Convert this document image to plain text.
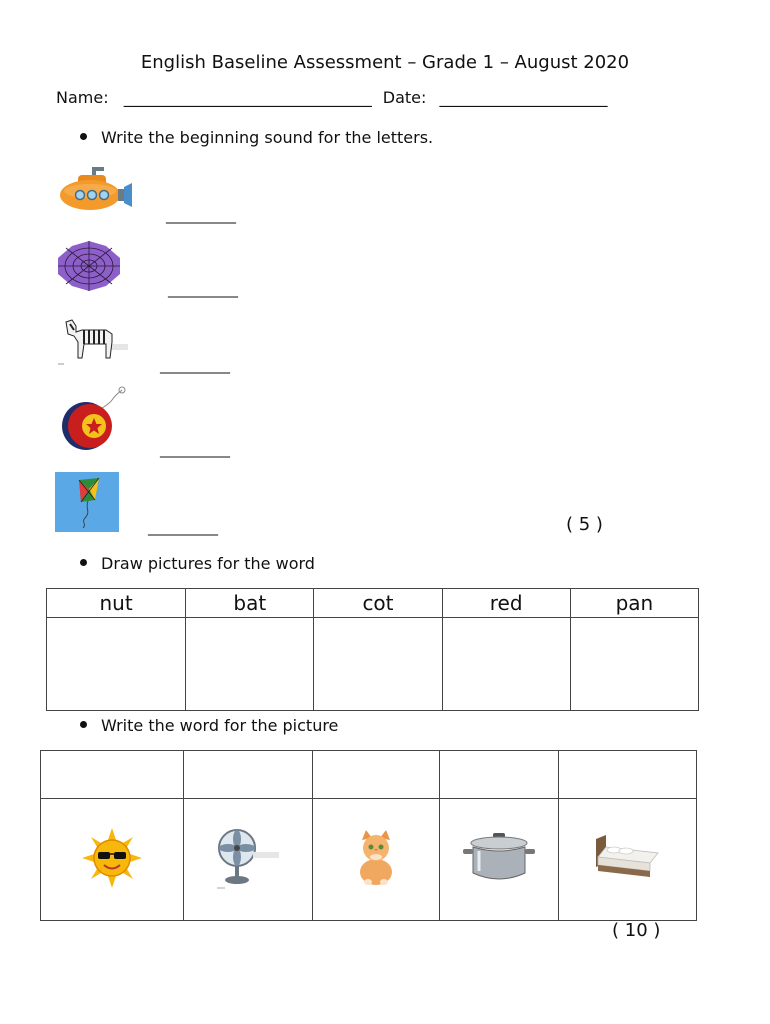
English Baseline Assessment – Grade 1 – August 2020
Name: _______________________________ Date: _____________________
Write the beginning sound for the letters.
__________
__________
__________
__________
__________	( 5 )
Draw pictures for the word
nut	bat	cot	red	pan

Write the word for the picture

( 10 )
